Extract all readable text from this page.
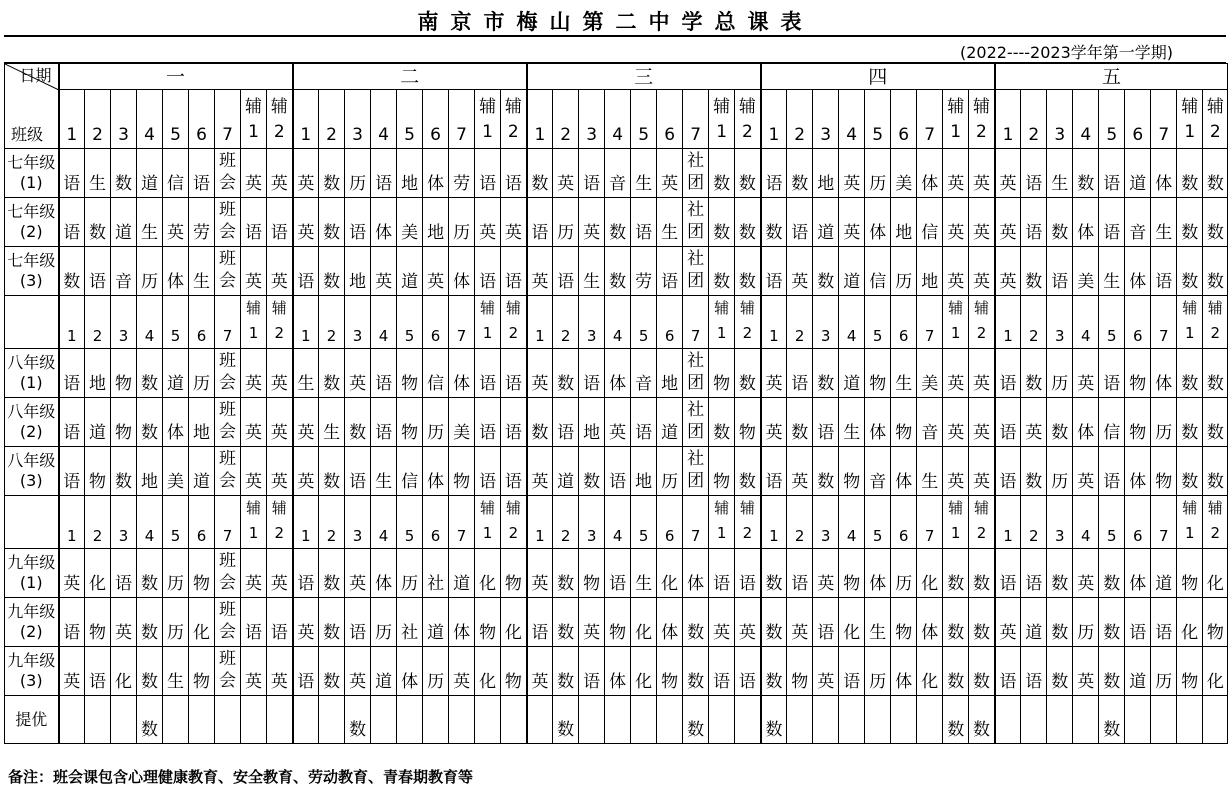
南京市梅山第二中学总课表
(2022----2023学年第一学期)
日期
班级	一									二									三									四									五								
	1	2	3	4	5	6	7	辅1	辅2	1	2	3	4	5	6	7	辅1	辅2	1	2	3	4	5	6	7	辅1	辅2	1	2	3	4	5	6	7	辅1	辅2	1	2	3	4	5	6	7	辅1	辅2
七年级(1)	语	生	数	道	信	语	班会	英	英	英	数	历	语	地	体	劳	语	语	数	英	语	音	生	英	社团	数	数	语	数	地	英	历	美	体	英	英	英	语	生	数	语	道	体	数	数
七年级(2)	语	数	道	生	英	劳	班会	语	语	英	数	语	体	美	地	历	英	英	语	历	英	数	语	生	社团	数	数	数	语	道	英	体	地	信	英	英	英	语	数	体	语	音	生	数	数
七年级(3)	数	语	音	历	体	生	班会	英	英	语	数	地	英	道	英	体	语	语	英	语	生	数	劳	语	社团	数	数	语	英	数	道	信	历	地	英	英	英	数	语	美	生	体	语	数	数
	1	2	3	4	5	6	7	辅1	辅2	1	2	3	4	5	6	7	辅1	辅2	1	2	3	4	5	6	7	辅1	辅2	1	2	3	4	5	6	7	辅1	辅2	1	2	3	4	5	6	7	辅1	辅2
八年级(1)	语	地	物	数	道	历	班会	英	英	生	数	英	语	物	信	体	语	语	英	数	语	体	音	地	社团	物	数	英	语	数	道	物	生	美	英	英	语	数	历	英	语	物	体	数	数
八年级(2)	语	道	物	数	体	地	班会	英	英	英	生	数	语	物	历	美	语	语	数	语	地	英	语	道	社团	数	物	英	数	语	生	体	物	音	英	英	语	英	数	体	信	物	历	数	数
八年级(3)	语	物	数	地	美	道	班会	英	英	英	数	语	生	信	体	物	语	语	英	道	数	语	地	历	社团	物	数	语	英	数	物	音	体	生	英	英	语	数	历	英	语	体	物	数	数
	1	2	3	4	5	6	7	辅1	辅2	1	2	3	4	5	6	7	辅1	辅2	1	2	3	4	5	6	7	辅1	辅2	1	2	3	4	5	6	7	辅1	辅2	1	2	3	4	5	6	7	辅1	辅2
九年级(1)	英	化	语	数	历	物	班会	英	英	语	数	英	体	历	社	道	化	物	英	数	物	语	生	化	体	语	语	数	语	英	物	体	历	化	数	数	语	语	数	英	数	体	道	物	化
九年级(2)	语	物	英	数	历	化	班会	语	语	英	数	语	历	社	道	体	物	化	语	数	英	物	化	体	数	英	英	数	英	语	化	生	物	体	数	数	英	道	数	历	数	语	语	化	物
九年级(3)	英	语	化	数	生	物	班会	英	英	语	数	英	道	体	历	英	化	物	英	数	语	体	化	物	数	语	语	数	物	英	语	历	体	化	数	数	语	语	数	英	数	道	历	物	化
提优				数								数								数					数			数							数	数					数				
备注：班会课包含心理健康教育、安全教育、劳动教育、青春期教育等
